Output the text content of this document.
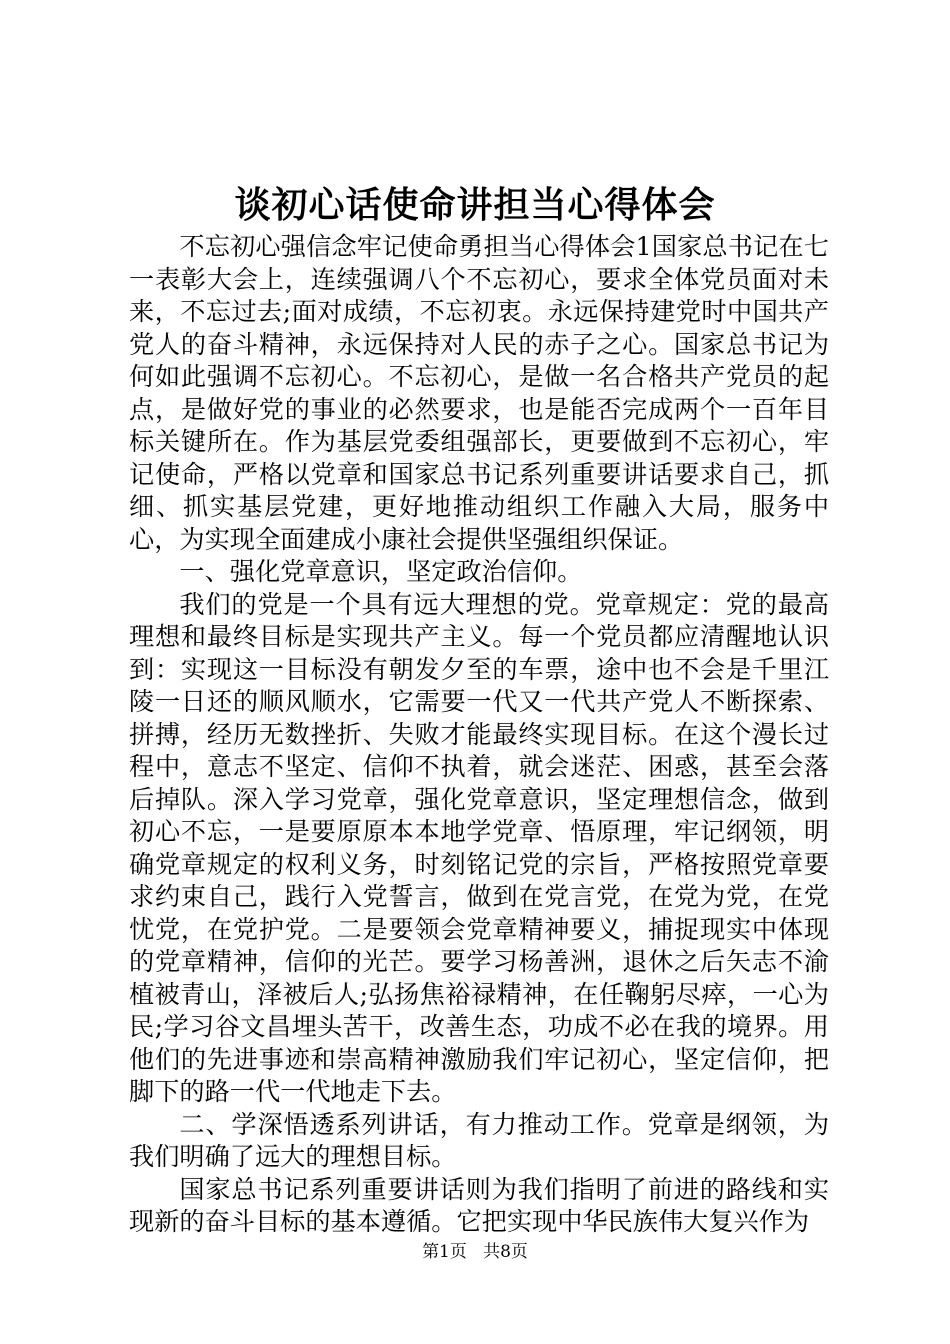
谈初心话使命讲担当心得体会

不忘初心强信念牢记使命勇担当心得体会1国家总书记在七一表彰大会上，连续强调八个不忘初心，要求全体党员面对未来，不忘过去;面对成绩，不忘初衷。永远保持建党时中国共产党人的奋斗精神，永远保持对人民的赤子之心。国家总书记为何如此强调不忘初心。不忘初心，是做一名合格共产党员的起点，是做好党的事业的必然要求，也是能否完成两个一百年目标关键所在。作为基层党委组强部长，更要做到不忘初心，牢记使命，严格以党章和国家总书记系列重要讲话要求自己，抓细、抓实基层党建，更好地推动组织工作融入大局，服务中心，为实现全面建成小康社会提供坚强组织保证。

一、强化党章意识，坚定政治信仰。

我们的党是一个具有远大理想的党。党章规定：党的最高理想和最终目标是实现共产主义。每一个党员都应清醒地认识到：实现这一目标没有朝发夕至的车票，途中也不会是千里江陵一日还的顺风顺水，它需要一代又一代共产党人不断探索、拼搏，经历无数挫折、失败才能最终实现目标。在这个漫长过程中，意志不坚定、信仰不执着，就会迷茫、困惑，甚至会落后掉队。深入学习党章，强化党章意识，坚定理想信念，做到初心不忘，一是要原原本本地学党章、悟原理，牢记纲领，明确党章规定的权利义务，时刻铭记党的宗旨，严格按照党章要求约束自己，践行入党誓言，做到在党言党，在党为党，在党忧党，在党护党。二是要领会党章精神要义，捕捉现实中体现的党章精神，信仰的光芒。要学习杨善洲，退休之后矢志不渝植被青山，泽被后人;弘扬焦裕禄精神，在任鞠躬尽瘁，一心为民;学习谷文昌埋头苦干，改善生态，功成不必在我的境界。用他们的先进事迹和崇高精神激励我们牢记初心，坚定信仰，把脚下的路一代一代地走下去。

二、学深悟透系列讲话，有力推动工作。党章是纲领，为我们明确了远大的理想目标。

国家总书记系列重要讲话则为我们指明了前进的路线和实现新的奋斗目标的基本遵循。它把实现中华民族伟大复兴作为

第1页 共8页
